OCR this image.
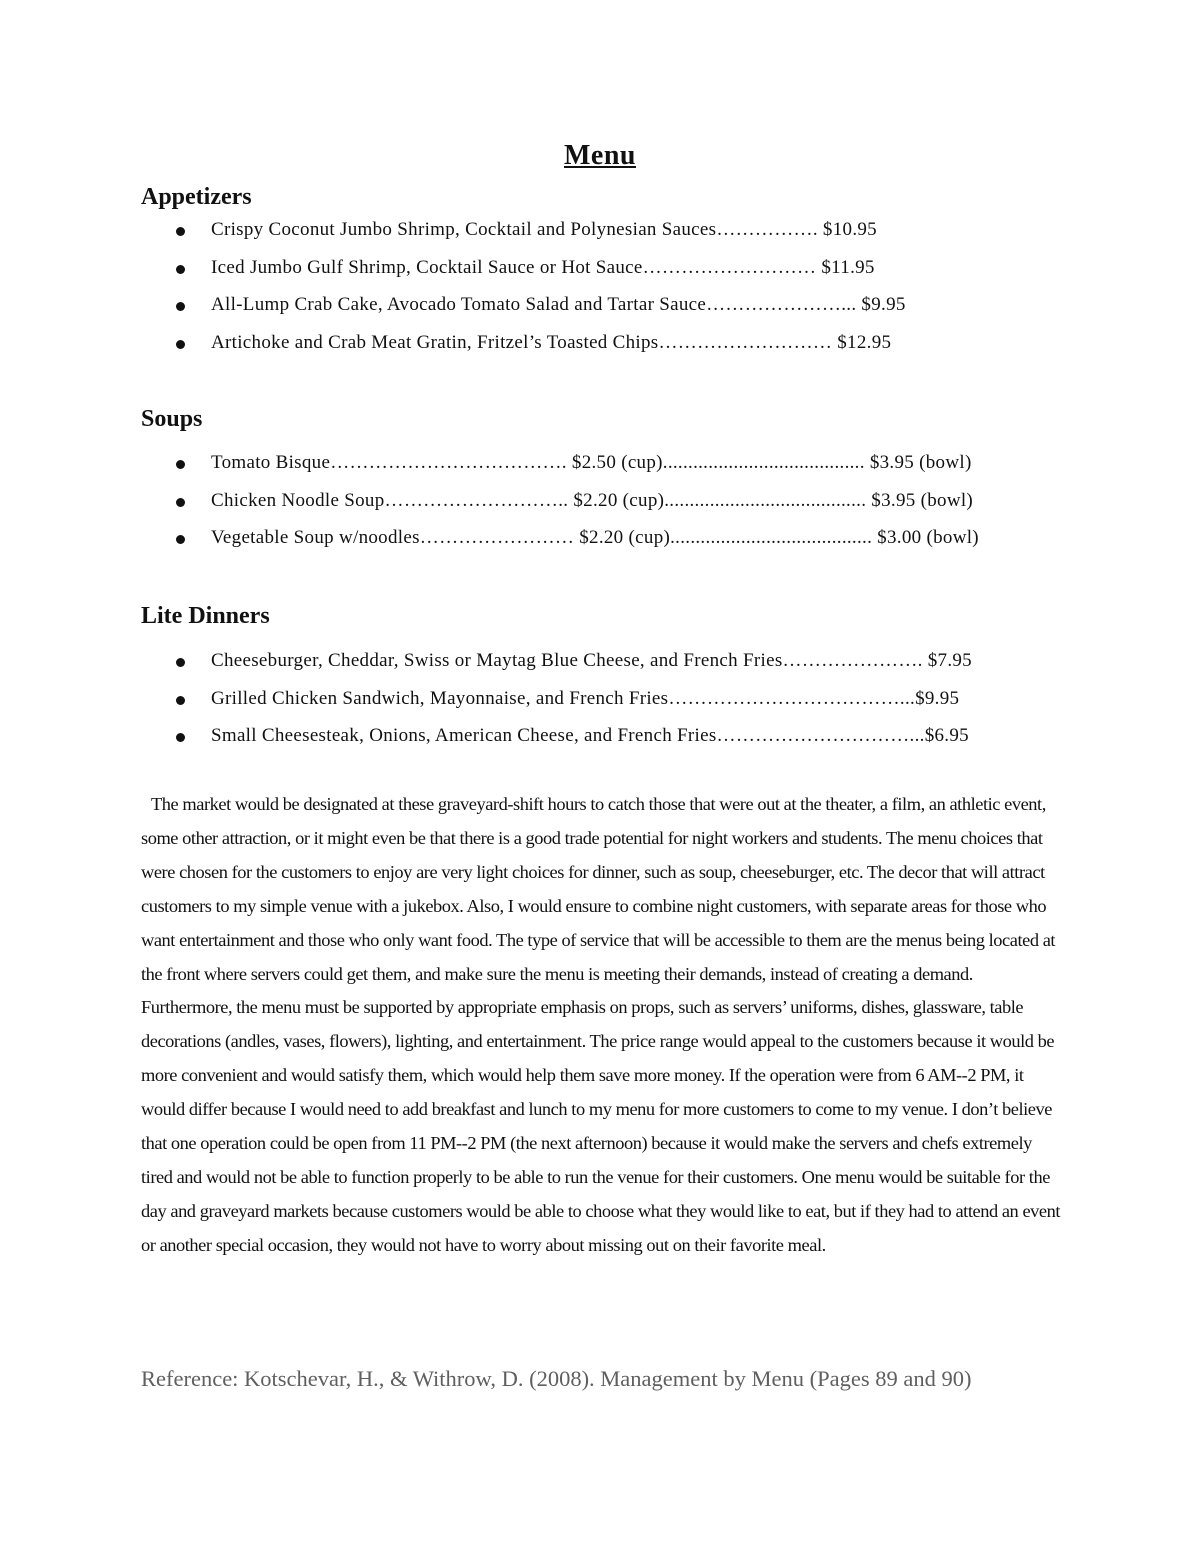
Menu
Appetizers
Crispy Coconut Jumbo Shrimp, Cocktail and Polynesian Sauces……………. $10.95
Iced Jumbo Gulf Shrimp, Cocktail Sauce or Hot Sauce……………………… $11.95
All-Lump Crab Cake, Avocado Tomato Salad and Tartar Sauce…………………... $9.95
Artichoke and Crab Meat Gratin, Fritzel’s Toasted Chips……………………… $12.95
Soups
Tomato Bisque………………………………. $2.50 (cup)........................................ $3.95 (bowl)
Chicken Noodle Soup……………………….. $2.20 (cup)........................................ $3.95 (bowl)
Vegetable Soup w/noodles…………………… $2.20 (cup)........................................ $3.00 (bowl)
Lite Dinners
Cheeseburger, Cheddar, Swiss or Maytag Blue Cheese, and French Fries…………………. $7.95
Grilled Chicken Sandwich, Mayonnaise, and French Fries………………………………...$9.95
Small Cheesesteak, Onions, American Cheese, and French Fries…………………………...$6.95

The market would be designated at these graveyard-shift hours to catch those that were out at the theater, a film, an athletic event, some other attraction, or it might even be that there is a good trade potential for night workers and students. The menu choices that were chosen for the customers to enjoy are very light choices for dinner, such as soup, cheeseburger, etc. The decor that will attract customers to my simple venue with a jukebox. Also, I would ensure to combine night customers, with separate areas for those who want entertainment and those who only want food. The type of service that will be accessible to them are the menus being located at the front where servers could get them, and make sure the menu is meeting their demands, instead of creating a demand. Furthermore, the menu must be supported by appropriate emphasis on props, such as servers’ uniforms, dishes, glassware, table decorations (andles, vases, flowers), lighting, and entertainment. The price range would appeal to the customers because it would be more convenient and would satisfy them, which would help them save more money. If the operation were from 6 AM--2 PM, it would differ because I would need to add breakfast and lunch to my menu for more customers to come to my venue. I don’t believe that one operation could be open from 11 PM--2 PM (the next afternoon) because it would make the servers and chefs extremely tired and would not be able to function properly to be able to run the venue for their customers. One menu would be suitable for the day and graveyard markets because customers would be able to choose what they would like to eat, but if they had to attend an event or another special occasion, they would not have to worry about missing out on their favorite meal.

Reference: Kotschevar, H., & Withrow, D. (2008). Management by Menu (Pages 89 and 90)
